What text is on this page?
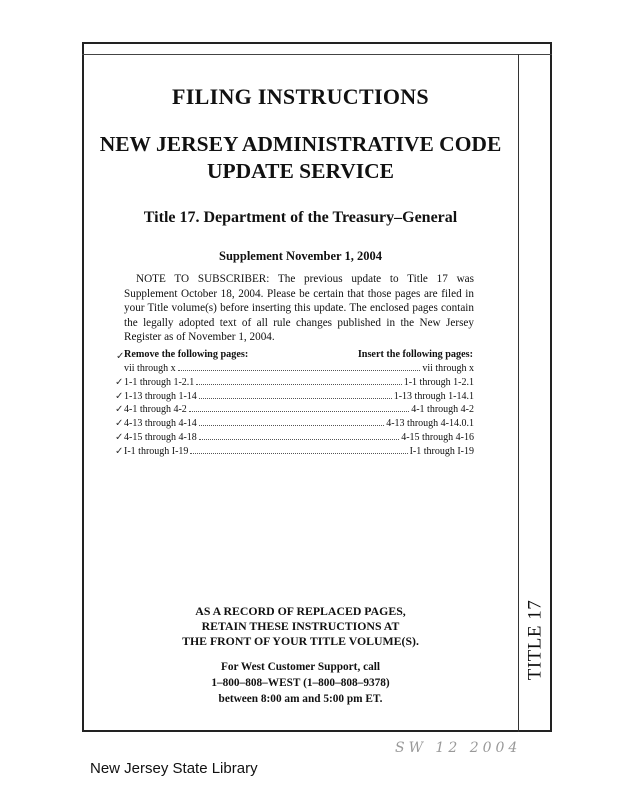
TITLE 17
FILING INSTRUCTIONS
NEW JERSEY ADMINISTRATIVE CODE
UPDATE SERVICE
Title 17. Department of the Treasury–General
Supplement November 1, 2004
NOTE TO SUBSCRIBER: The previous update to Title 17 was Supplement October 18, 2004. Please be certain that those pages are filed in your Title volume(s) before inserting this update. The enclosed pages contain the legally adopted text of all rule changes published in the New Jersey Register as of November 1, 2004.
✓ Remove the following pages:	Insert the following pages:
vii through x	vii through x
✓ 1-1 through 1-2.1	1-1 through 1-2.1
✓ 1-13 through 1-14	1-13 through 1-14.1
✓ 4-1 through 4-2	4-1 through 4-2
✓ 4-13 through 4-14	4-13 through 4-14.0.1
✓ 4-15 through 4-18	4-15 through 4-16
✓ I-1 through I-19	I-1 through I-19
AS A RECORD OF REPLACED PAGES,
RETAIN THESE INSTRUCTIONS AT
THE FRONT OF YOUR TITLE VOLUME(S).
For West Customer Support, call
1–800–808–WEST (1–800–808–9378)
between 8:00 am and 5:00 pm ET.
SW 12 2004
New Jersey State Library
